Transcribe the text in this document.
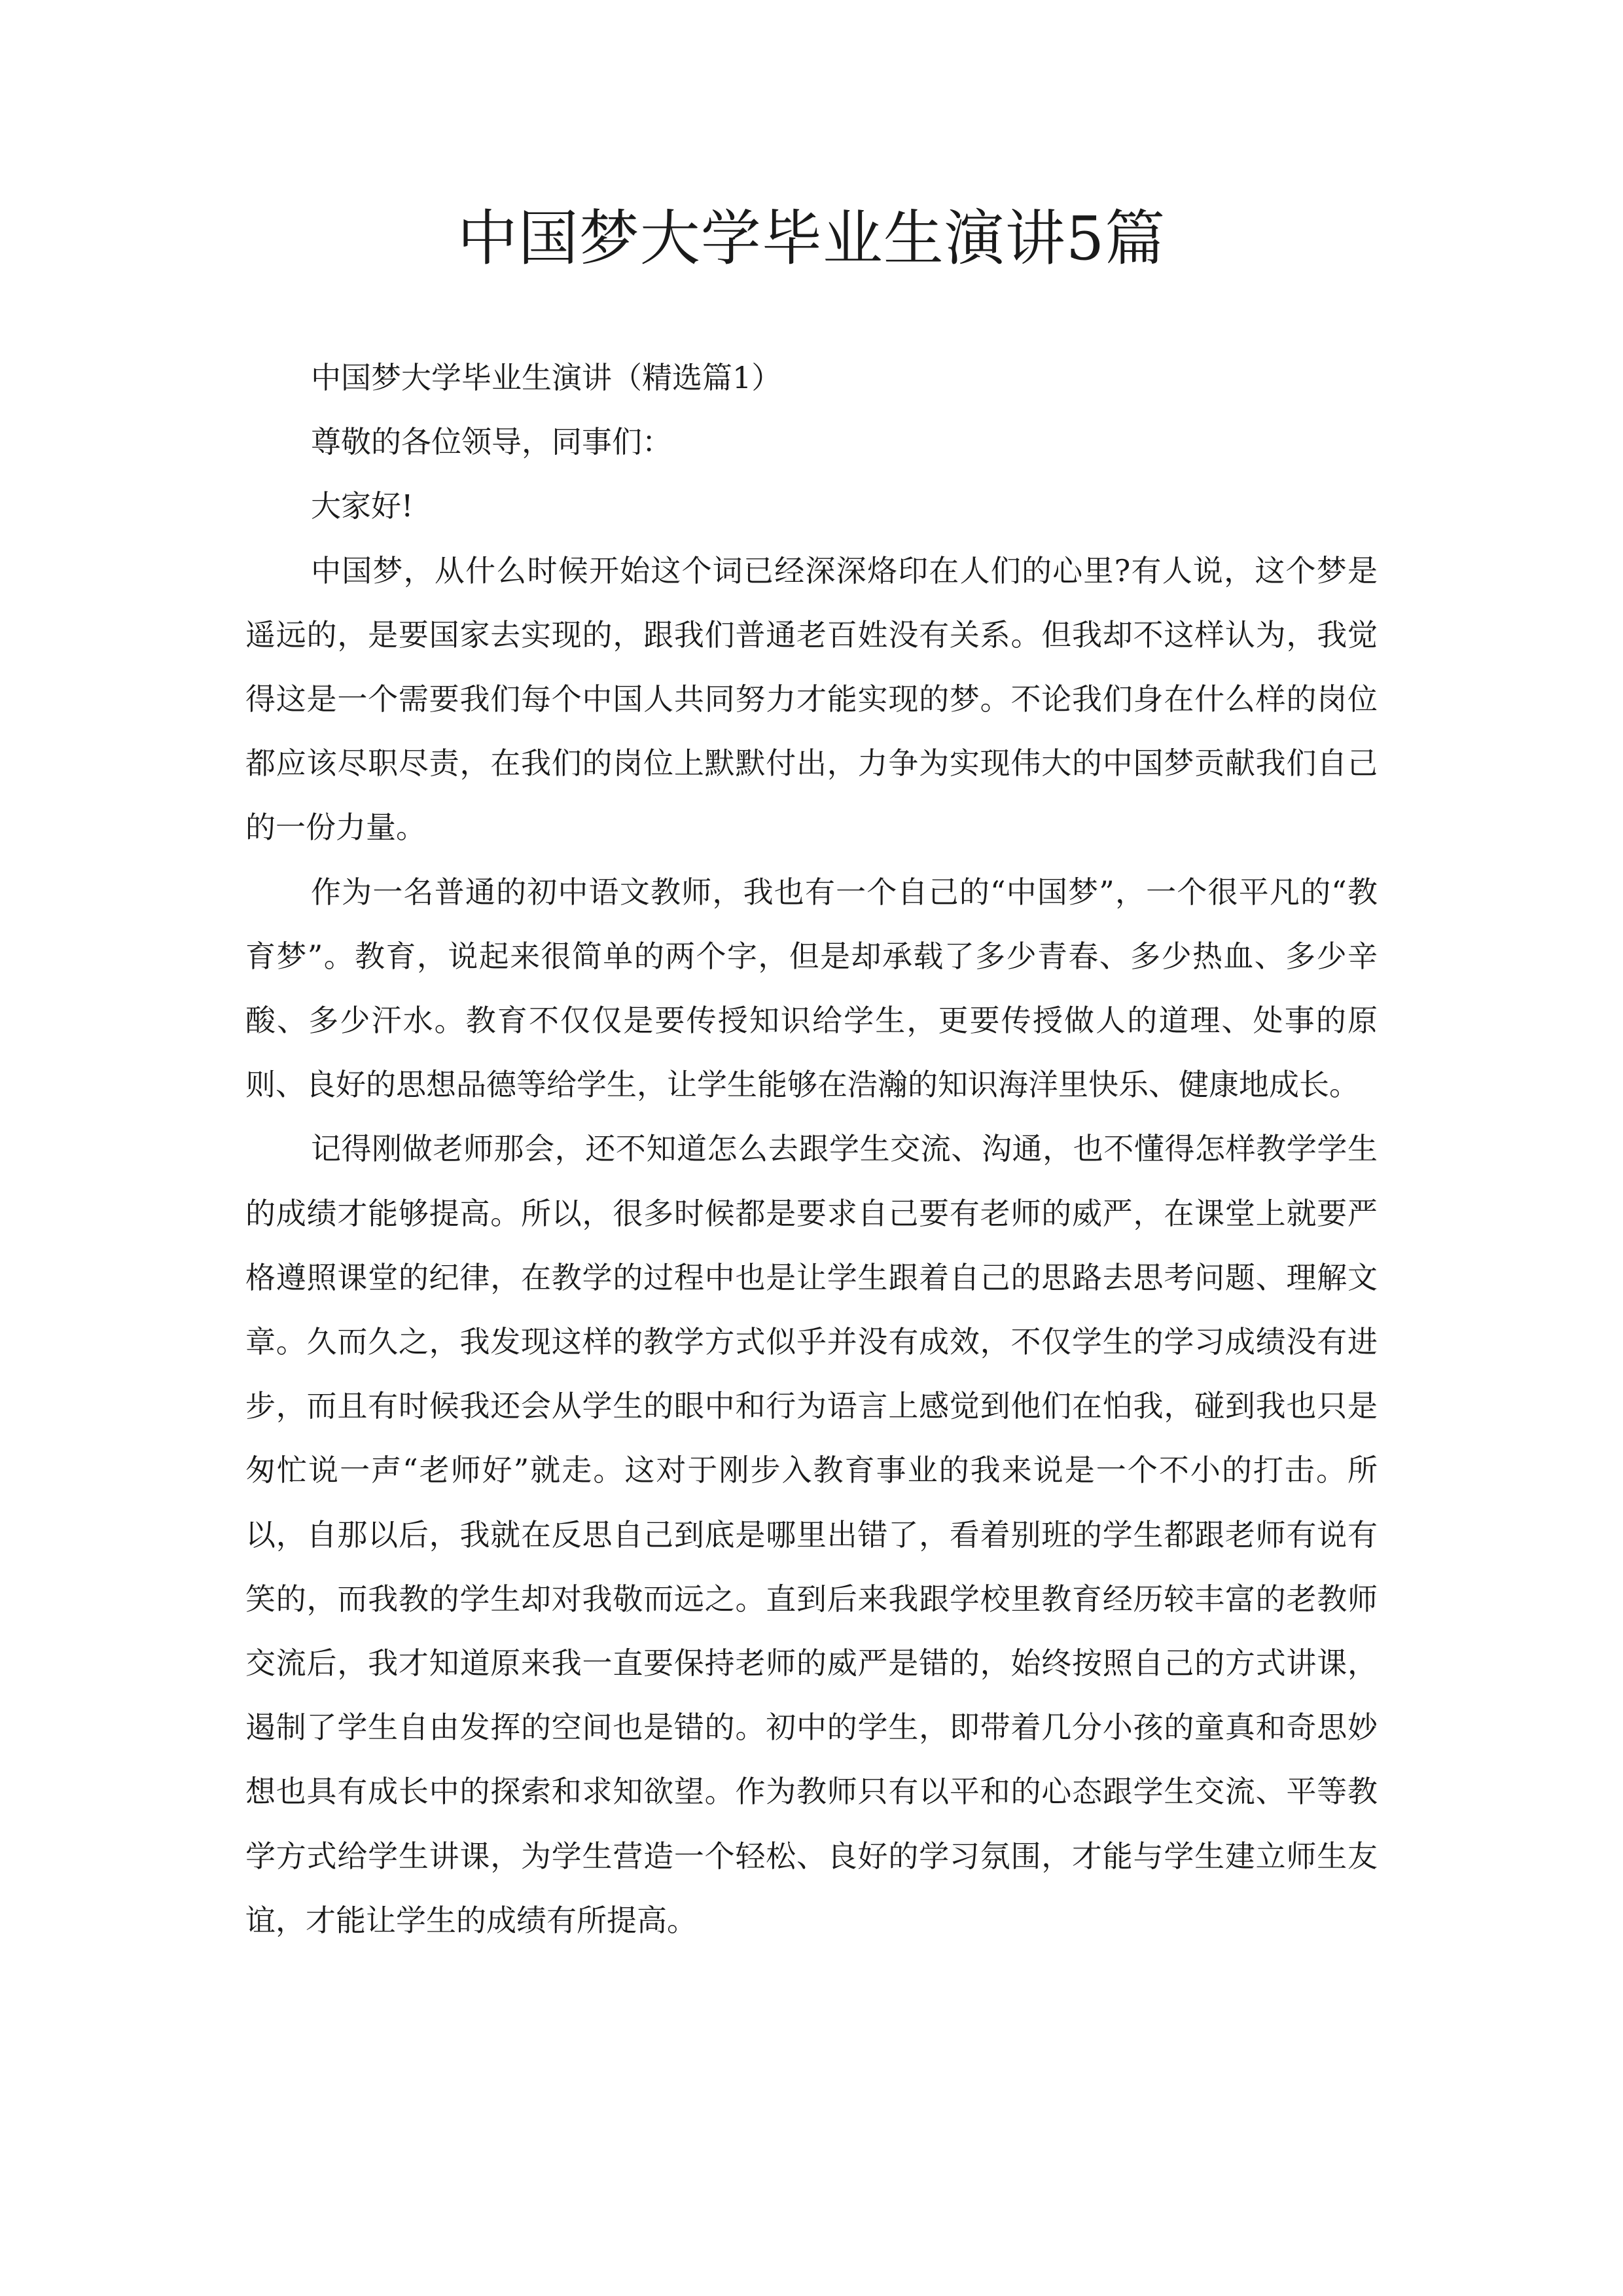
中国梦大学毕业生演讲5篇

中国梦大学毕业生演讲（精选篇1）

尊敬的各位领导，同事们：

大家好!

中国梦，从什么时候开始这个词已经深深烙印在人们的心里?有人说，这个梦是遥远的，是要国家去实现的，跟我们普通老百姓没有关系。但我却不这样认为，我觉得这是一个需要我们每个中国人共同努力才能实现的梦。不论我们身在什么样的岗位都应该尽职尽责，在我们的岗位上默默付出，力争为实现伟大的中国梦贡献我们自己的一份力量。

作为一名普通的初中语文教师，我也有一个自己的“中国梦”，一个很平凡的“教育梦”。教育，说起来很简单的两个字，但是却承载了多少青春、多少热血、多少辛酸、多少汗水。教育不仅仅是要传授知识给学生，更要传授做人的道理、处事的原则、良好的思想品德等给学生，让学生能够在浩瀚的知识海洋里快乐、健康地成长。

记得刚做老师那会，还不知道怎么去跟学生交流、沟通，也不懂得怎样教学学生的成绩才能够提高。所以，很多时候都是要求自己要有老师的威严，在课堂上就要严格遵照课堂的纪律，在教学的过程中也是让学生跟着自己的思路去思考问题、理解文章。久而久之，我发现这样的教学方式似乎并没有成效，不仅学生的学习成绩没有进步，而且有时候我还会从学生的眼中和行为语言上感觉到他们在怕我，碰到我也只是匆忙说一声“老师好”就走。这对于刚步入教育事业的我来说是一个不小的打击。所以，自那以后，我就在反思自己到底是哪里出错了，看着别班的学生都跟老师有说有笑的，而我教的学生却对我敬而远之。直到后来我跟学校里教育经历较丰富的老教师交流后，我才知道原来我一直要保持老师的威严是错的，始终按照自己的方式讲课，遏制了学生自由发挥的空间也是错的。初中的学生，即带着几分小孩的童真和奇思妙想也具有成长中的探索和求知欲望。作为教师只有以平和的心态跟学生交流、平等教学方式给学生讲课，为学生营造一个轻松、良好的学习氛围，才能与学生建立师生友谊，才能让学生的成绩有所提高。
